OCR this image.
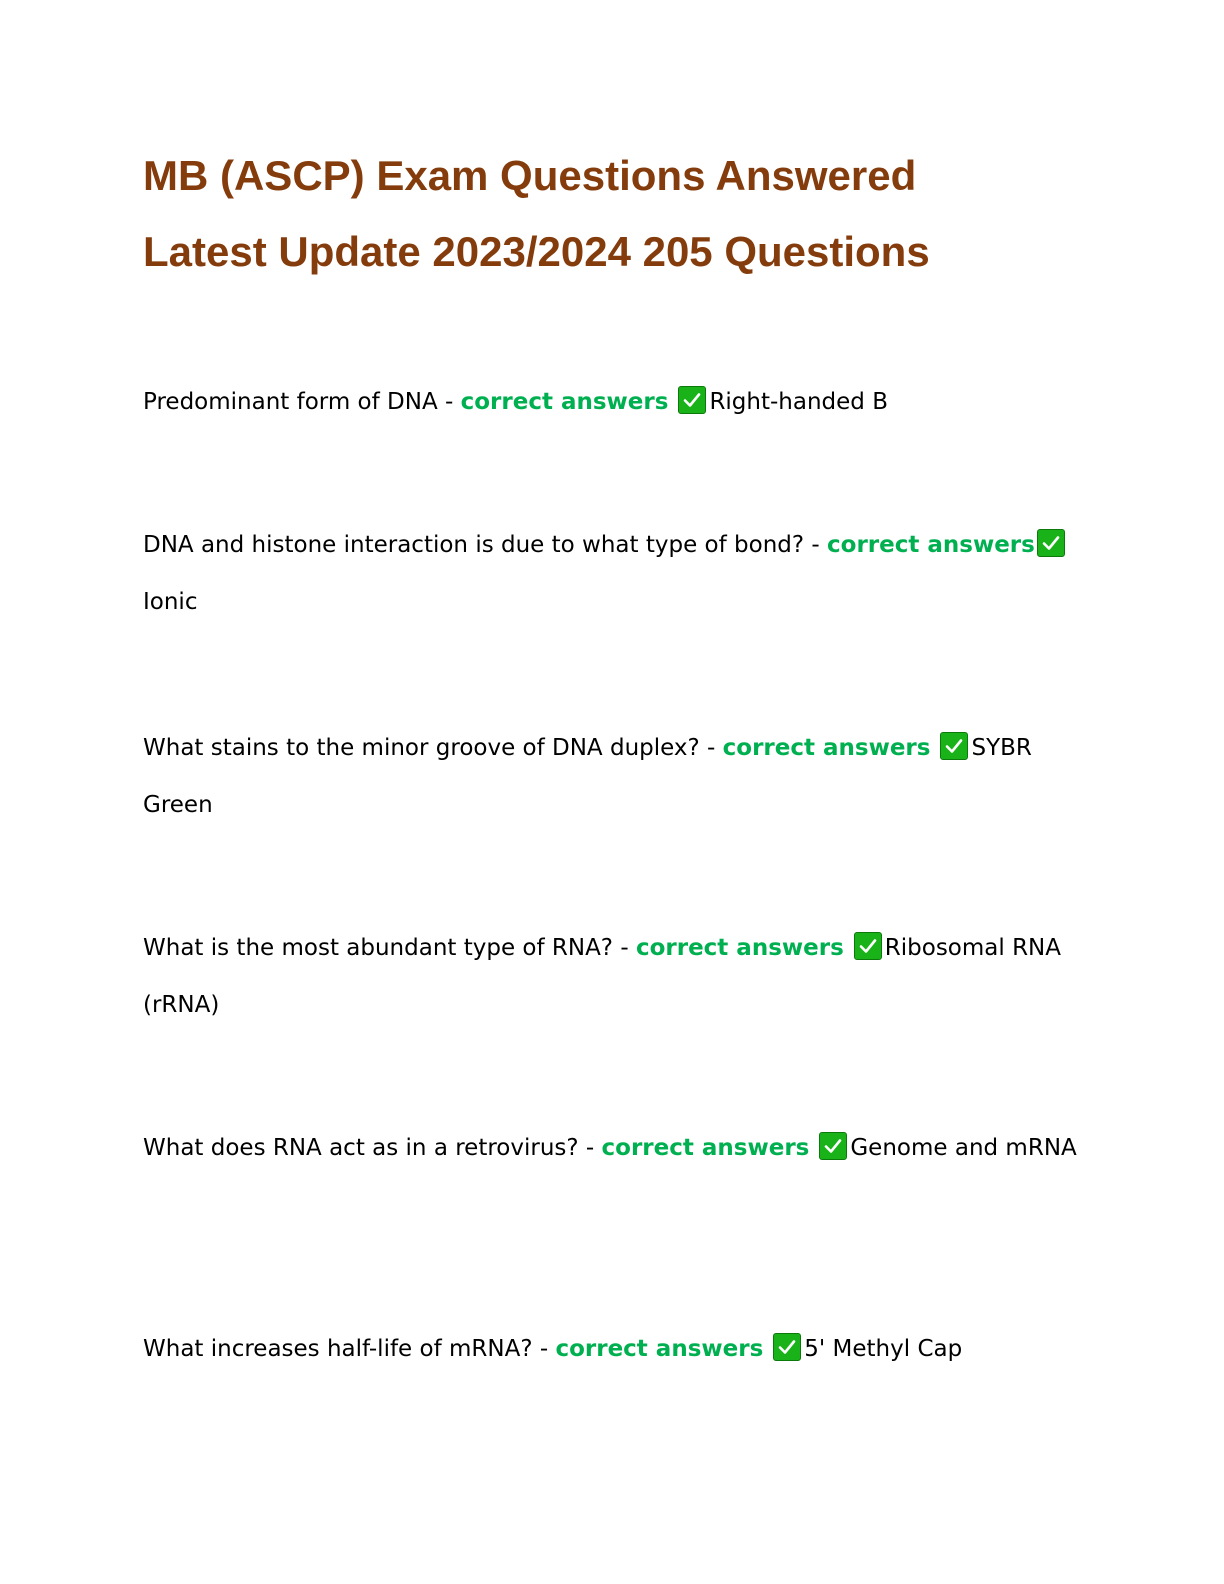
MB (ASCP) Exam Questions Answered
Latest Update 2023/2024 205 Questions

Predominant form of DNA - correct answers Right-handed B

DNA and histone interaction is due to what type of bond? - correct answers
Ionic

What stains to the minor groove of DNA duplex? - correct answers SYBR Green

What is the most abundant type of RNA? - correct answers Ribosomal RNA (rRNA)

What does RNA act as in a retrovirus? - correct answers Genome and mRNA

What increases half-life of mRNA? - correct answers 5' Methyl Cap
